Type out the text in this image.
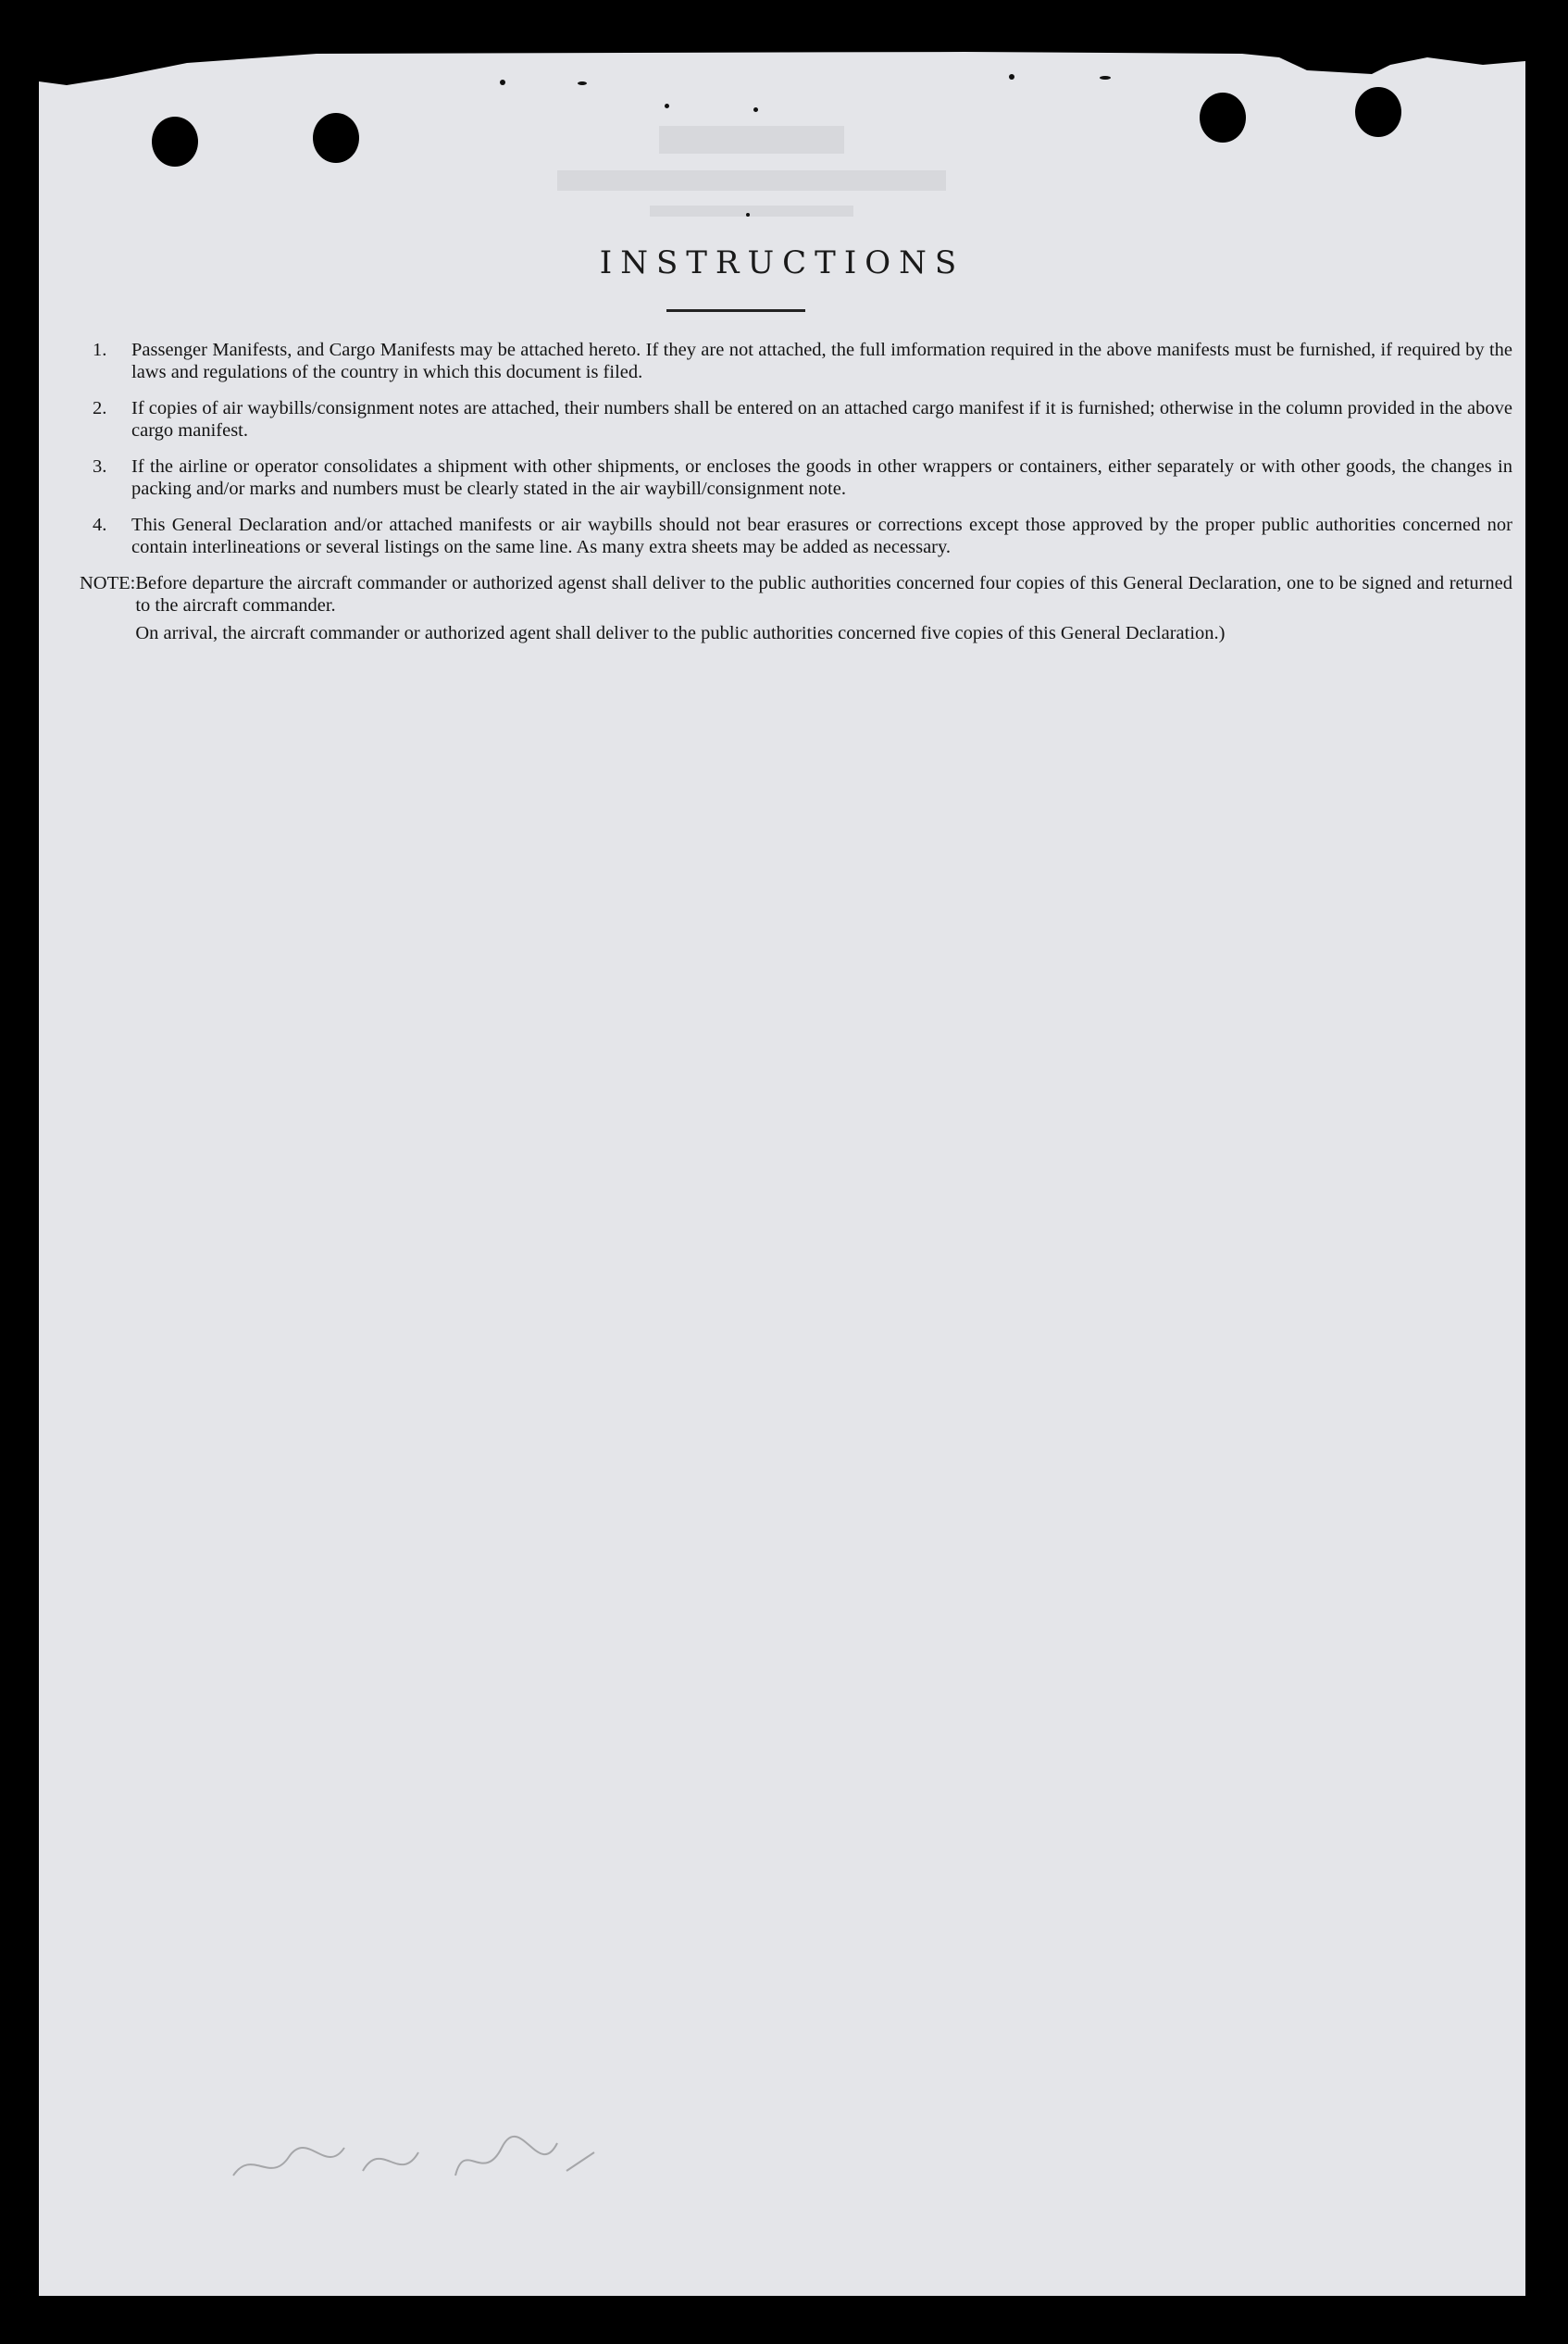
INSTRUCTIONS
1.	Passenger Manifests, and Cargo Manifests may be attached hereto. If they are not attached, the full imformation required in the above manifests must be furnished, if required by the laws and regulations of the country in which this document is filed.
2.	If copies of air waybills/consignment notes are attached, their numbers shall be entered on an attached cargo manifest if it is furnished; otherwise in the column provided in the above cargo manifest.
3.	If the airline or operator consolidates a shipment with other shipments, or encloses the goods in other wrappers or containers, either separately or with other goods, the changes in packing and/or marks and numbers must be clearly stated in the air waybill/consignment note.
4.	This General Declaration and/or attached manifests or air waybills should not bear erasures or corrections except those approved by the proper public authorities concerned nor contain interlineations or several listings on the same line. As many extra sheets may be added as necessary.
NOTE: Before departure the aircraft commander or authorized agenst shall deliver to the public authorities concerned four copies of this General Declaration, one to be signed and returned to the aircraft commander.

On arrival, the aircraft commander or authorized agent shall deliver to the public authorities concerned five copies of this General Declaration.)
